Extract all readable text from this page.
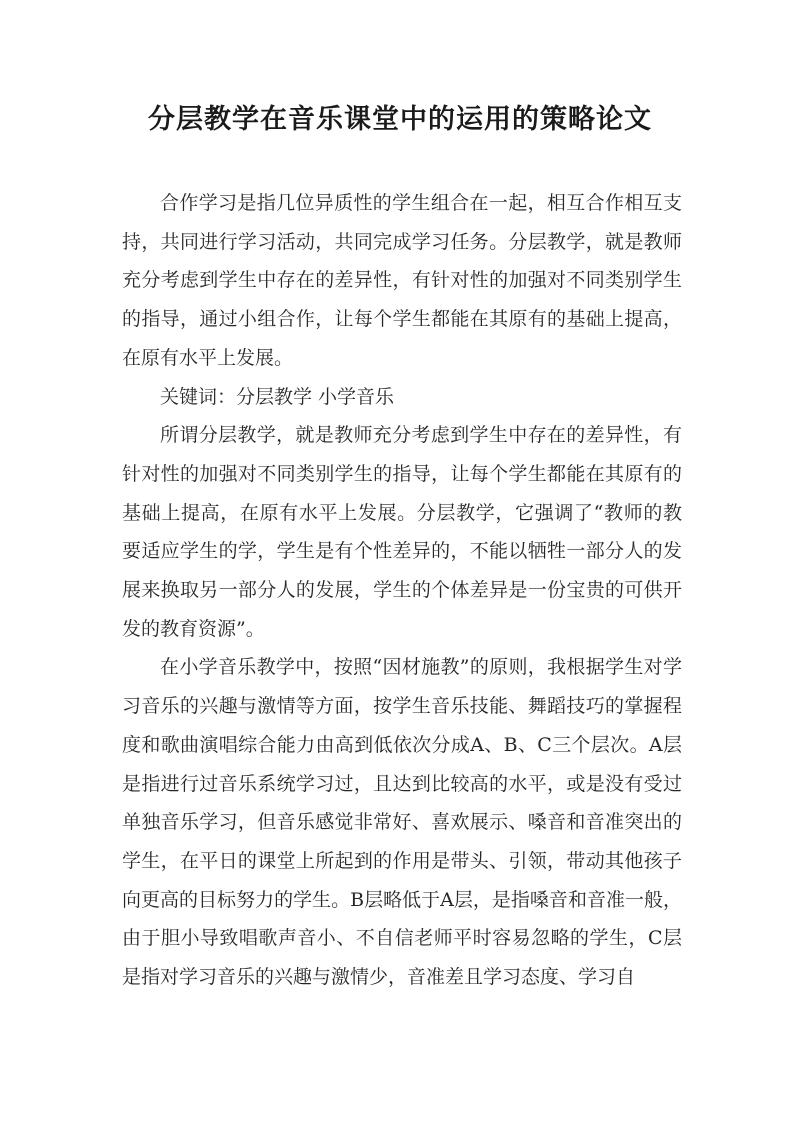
分层教学在音乐课堂中的运用的策略论文

合作学习是指几位异质性的学生组合在一起，相互合作相互支持，共同进行学习活动，共同完成学习任务。分层教学，就是教师充分考虑到学生中存在的差异性，有针对性的加强对不同类别学生的指导，通过小组合作，让每个学生都能在其原有的基础上提高，在原有水平上发展。

关键词：分层教学 小学音乐

所谓分层教学，就是教师充分考虑到学生中存在的差异性，有针对性的加强对不同类别学生的指导，让每个学生都能在其原有的基础上提高，在原有水平上发展。分层教学，它强调了“教师的教要适应学生的学，学生是有个性差异的，不能以牺牲一部分人的发展来换取另一部分人的发展，学生的个体差异是一份宝贵的可供开发的教育资源”。

在小学音乐教学中，按照“因材施教”的原则，我根据学生对学习音乐的兴趣与激情等方面，按学生音乐技能、舞蹈技巧的掌握程度和歌曲演唱综合能力由高到低依次分成A、B、C三个层次。A层是指进行过音乐系统学习过，且达到比较高的水平，或是没有受过单独音乐学习，但音乐感觉非常好、喜欢展示、嗓音和音准突出的学生，在平日的课堂上所起到的作用是带头、引领，带动其他孩子向更高的目标努力的学生。B层略低于A层，是指嗓音和音准一般，由于胆小导致唱歌声音小、不自信老师平时容易忽略的学生，C层是指对学习音乐的兴趣与激情少，音准差且学习态度、学习自
